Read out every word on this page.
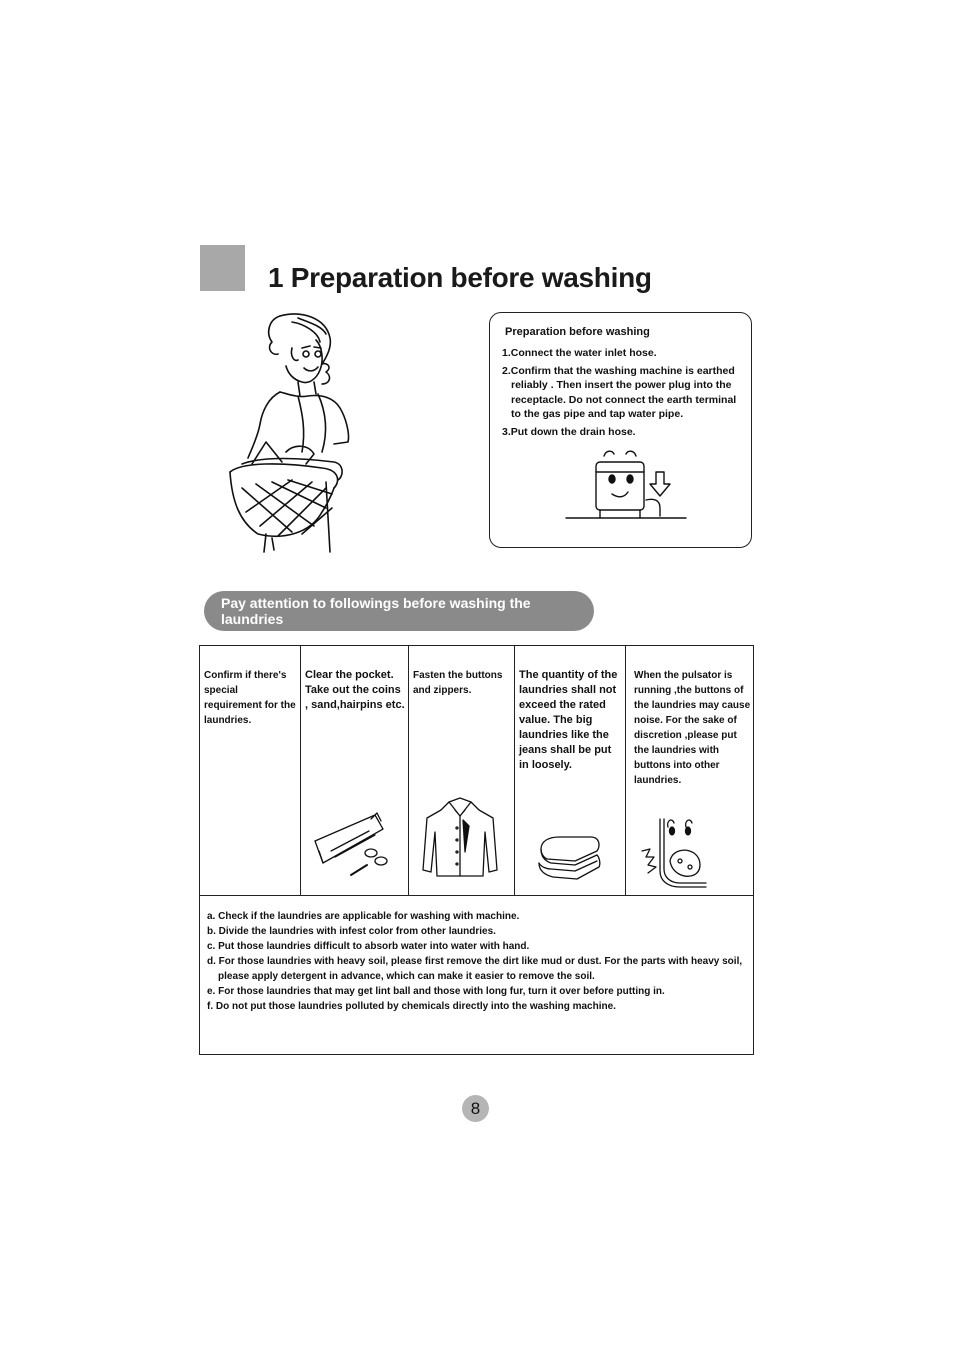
1 Preparation before washing
Preparation before washing
1.Connect the water inlet hose.
2.Confirm that the washing machine is earthed reliably . Then insert the power plug into the receptacle. Do not connect the earth terminal to the gas pipe and tap water pipe.
3.Put down the drain hose.
Pay attention to followings before washing the laundries
Confirm if there's special requirement for the laundries.
Clear the pocket. Take out the coins , sand,hairpins etc.
Fasten the buttons and zippers.
The quantity of the laundries shall not exceed the rated value. The big laundries like the jeans shall be put in loosely.
When the pulsator is running ,the buttons of the laundries may cause noise. For the sake of discretion ,please put the laundries with buttons into other laundries.
a. Check if the laundries are applicable for washing with machine.
b. Divide the laundries with infest color from other laundries.
c. Put those laundries difficult to absorb water into water with hand.
d. For those laundries with heavy soil, please first remove the dirt like mud or dust. For the parts with heavy soil, please apply detergent in advance, which can make it easier to remove the soil.
e. For those laundries that may get lint ball and those with long fur, turn it over before putting in.
f. Do not put those laundries polluted by chemicals directly into the washing machine.
8
